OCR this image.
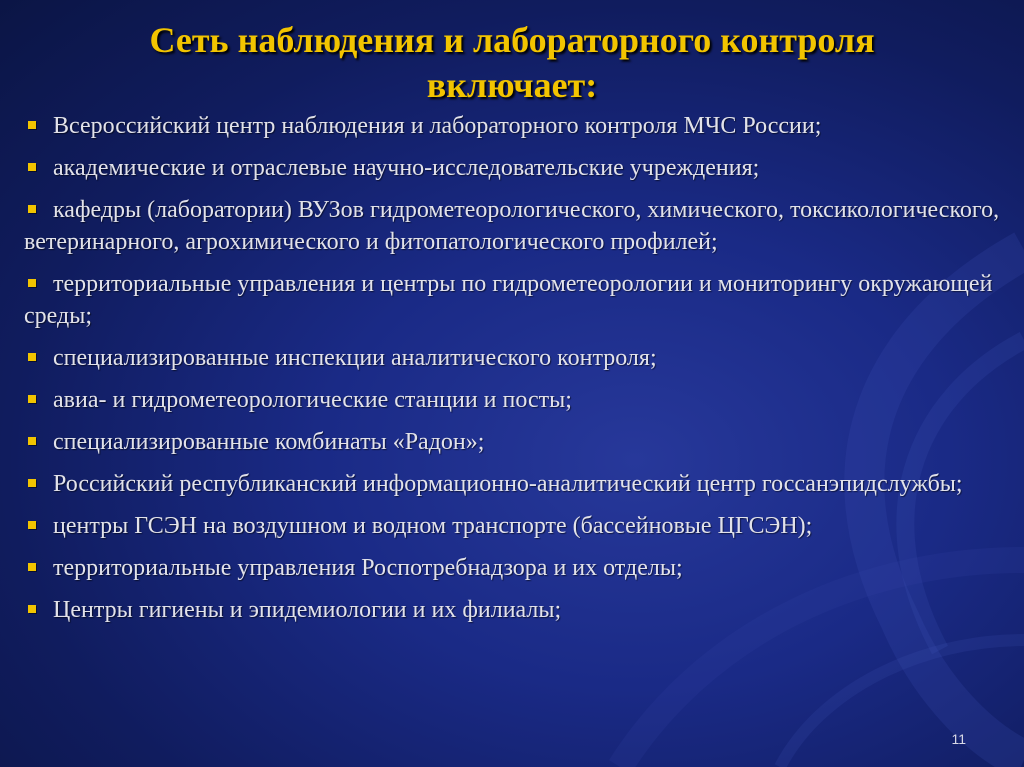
Сеть наблюдения и лабораторного контроля
включает:
Всероссийский центр наблюдения и лабораторного контроля МЧС России;
академические и отраслевые научно-исследовательские учреждения;
кафедры (лаборатории) ВУЗов гидрометеорологического, химического, токсикологического, ветеринарного, агрохимического и фитопатологического профилей;
территориальные управления и центры по гидрометеорологии и мониторингу окружающей среды;
специализированные инспекции аналитического контроля;
авиа- и гидрометеорологические станции и посты;
специализированные комбинаты «Радон»;
Российский республиканский информационно-аналитический центр госсанэпидслужбы;
центры ГСЭН на воздушном и водном транспорте (бассейновые ЦГСЭН);
территориальные управления Роспотребнадзора и их отделы;
Центры гигиены и эпидемиологии и их филиалы;
11
